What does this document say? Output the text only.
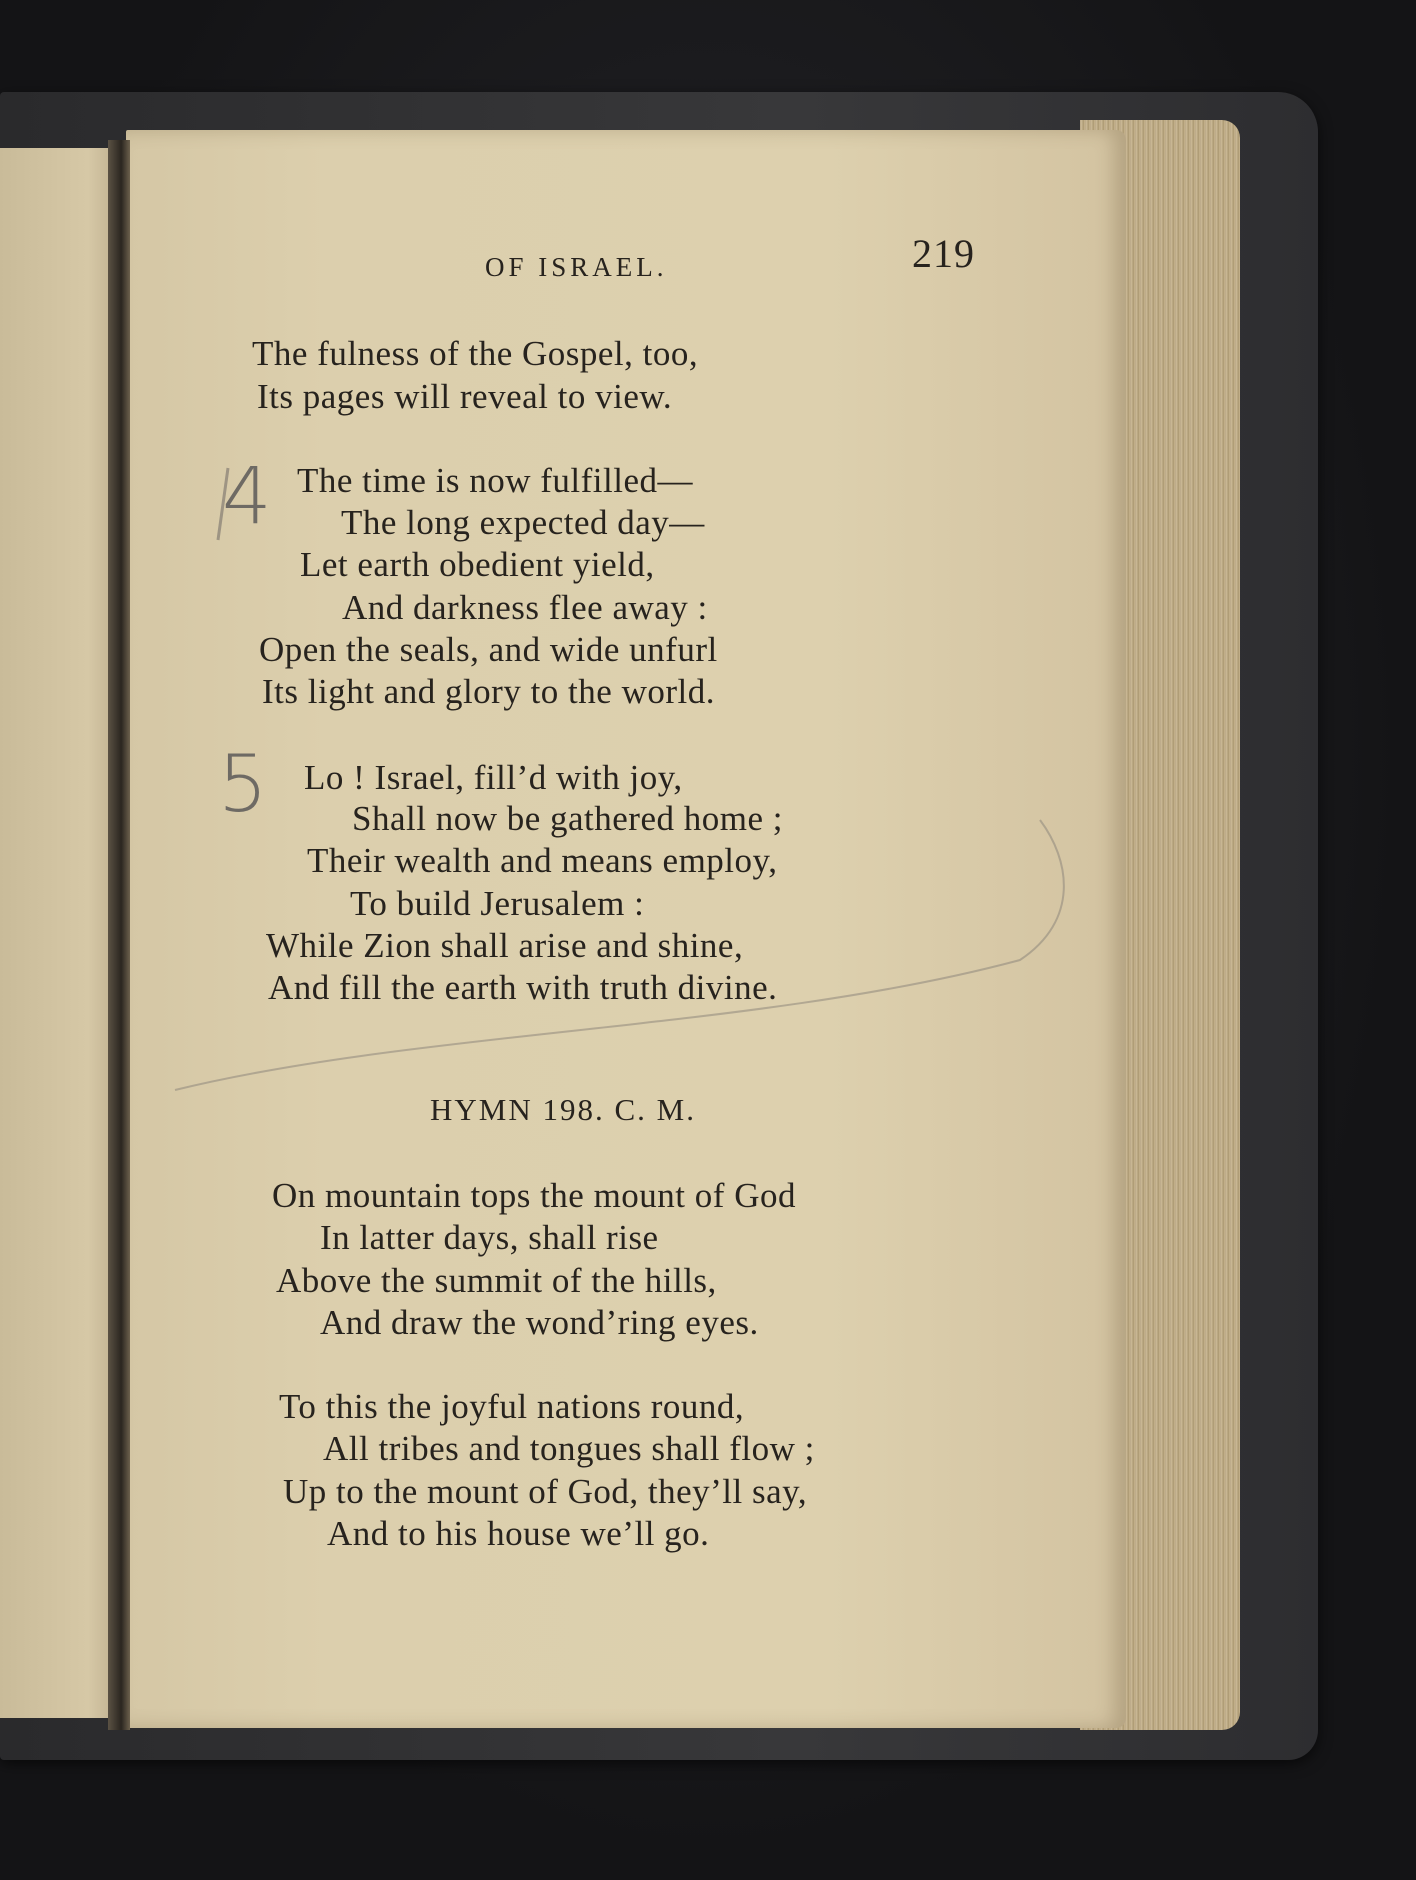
OF ISRAEL.	219
The fulness of the Gospel, too,
Its pages will reveal to view.
4 The time is now fulfilled—
The long expected day—
Let earth obedient yield,
And darkness flee away :
Open the seals, and wide unfurl
Its light and glory to the world.
5 Lo ! Israel, fill’d with joy,
Shall now be gathered home ;
Their wealth and means employ,
To build Jerusalem :
While Zion shall arise and shine,
And fill the earth with truth divine.
HYMN 198. C. M.
On mountain tops the mount of God
In latter days, shall rise
Above the summit of the hills,
And draw the wond’ring eyes.
To this the joyful nations round,
All tribes and tongues shall flow ;
Up to the mount of God, they’ll say,
And to his house we’ll go.
